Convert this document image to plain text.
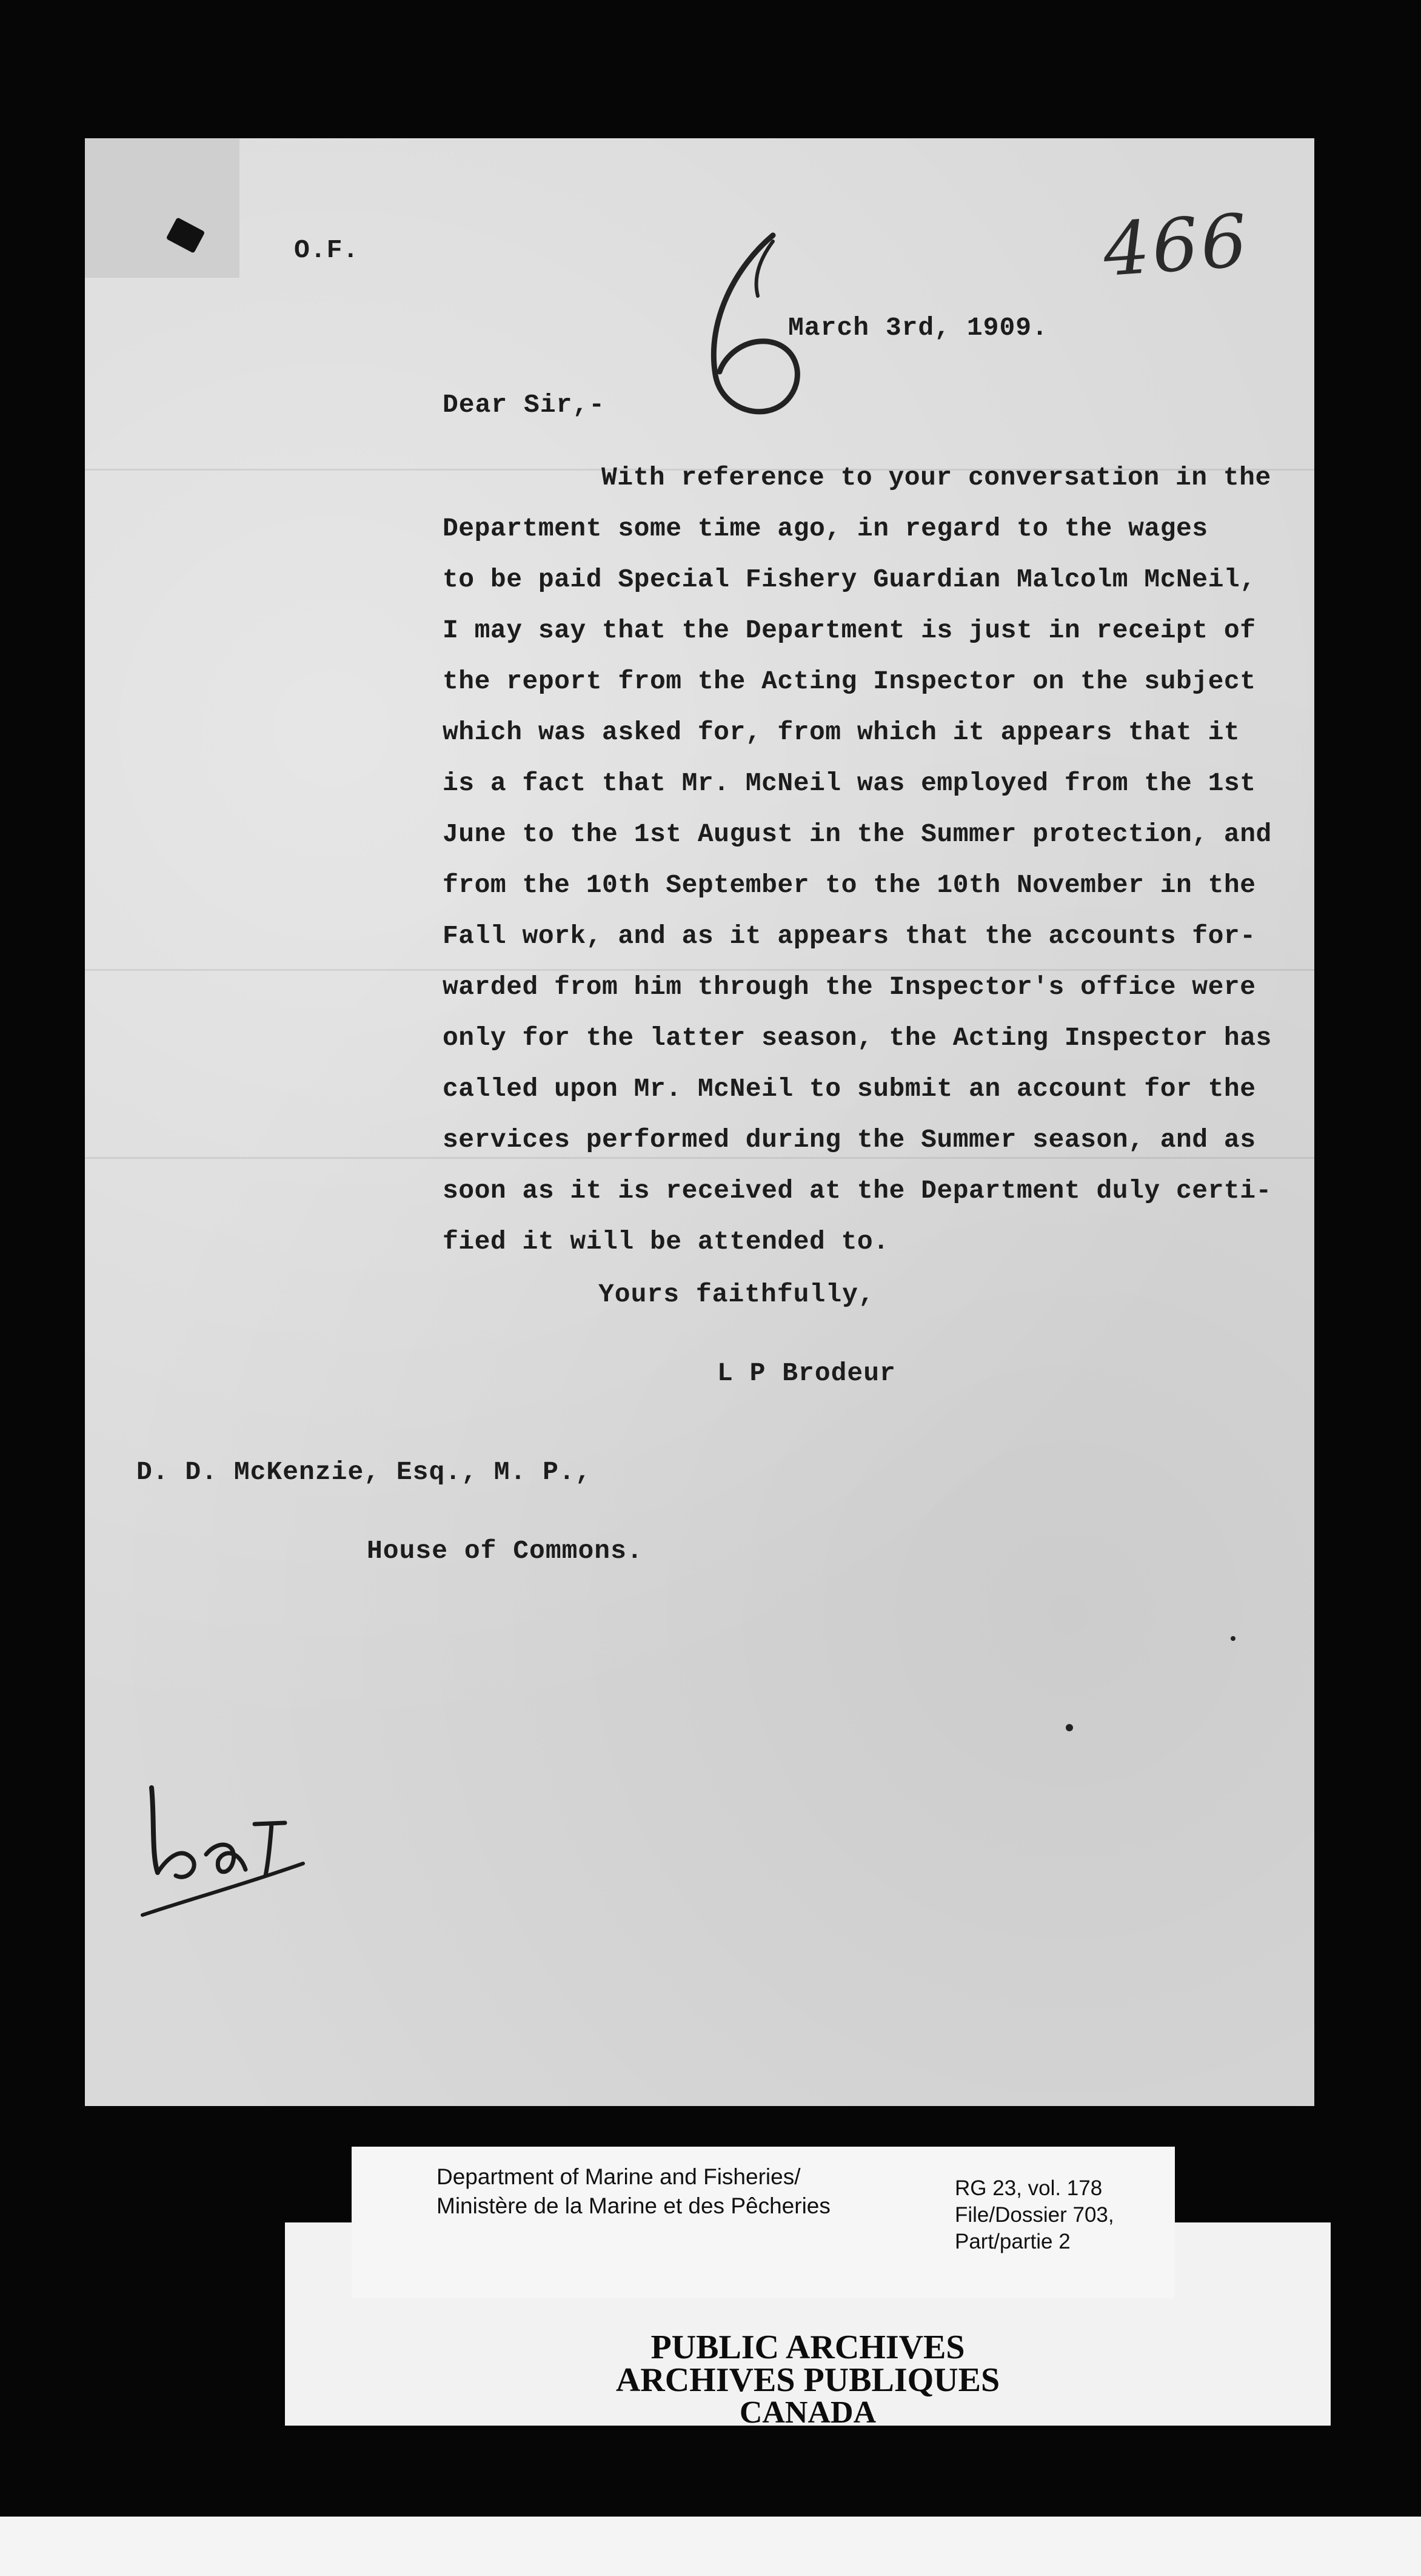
O.F.	466
March 3rd, 1909.
Dear Sir,-
With reference to your conversation in the
Department some time ago, in regard to the wages
to be paid Special Fishery Guardian Malcolm McNeil,
I may say that the Department is just in receipt of
the report from the Acting Inspector on the subject
which was asked for, from which it appears that it
is a fact that Mr. McNeil was employed from the 1st
June to the 1st August in the Summer protection, and
from the 10th September to the 10th November in the
Fall work, and as it appears that the accounts for-
warded from him through the Inspector's office were
only for the latter season, the Acting Inspector has
called upon Mr. McNeil to submit an account for the
services performed during the Summer season, and as
soon as it is received at the Department duly certi-
fied it will be attended to.
Yours faithfully,
L P Brodeur
D. D. McKenzie, Esq., M. P.,
House of Commons.
PUBLIC ARCHIVES
ARCHIVES PUBLIQUES
CANADA
Department of Marine and Fisheries/
Ministère de la Marine et des Pêcheries
RG 23, vol. 178
File/Dossier 703,
Part/partie 2
